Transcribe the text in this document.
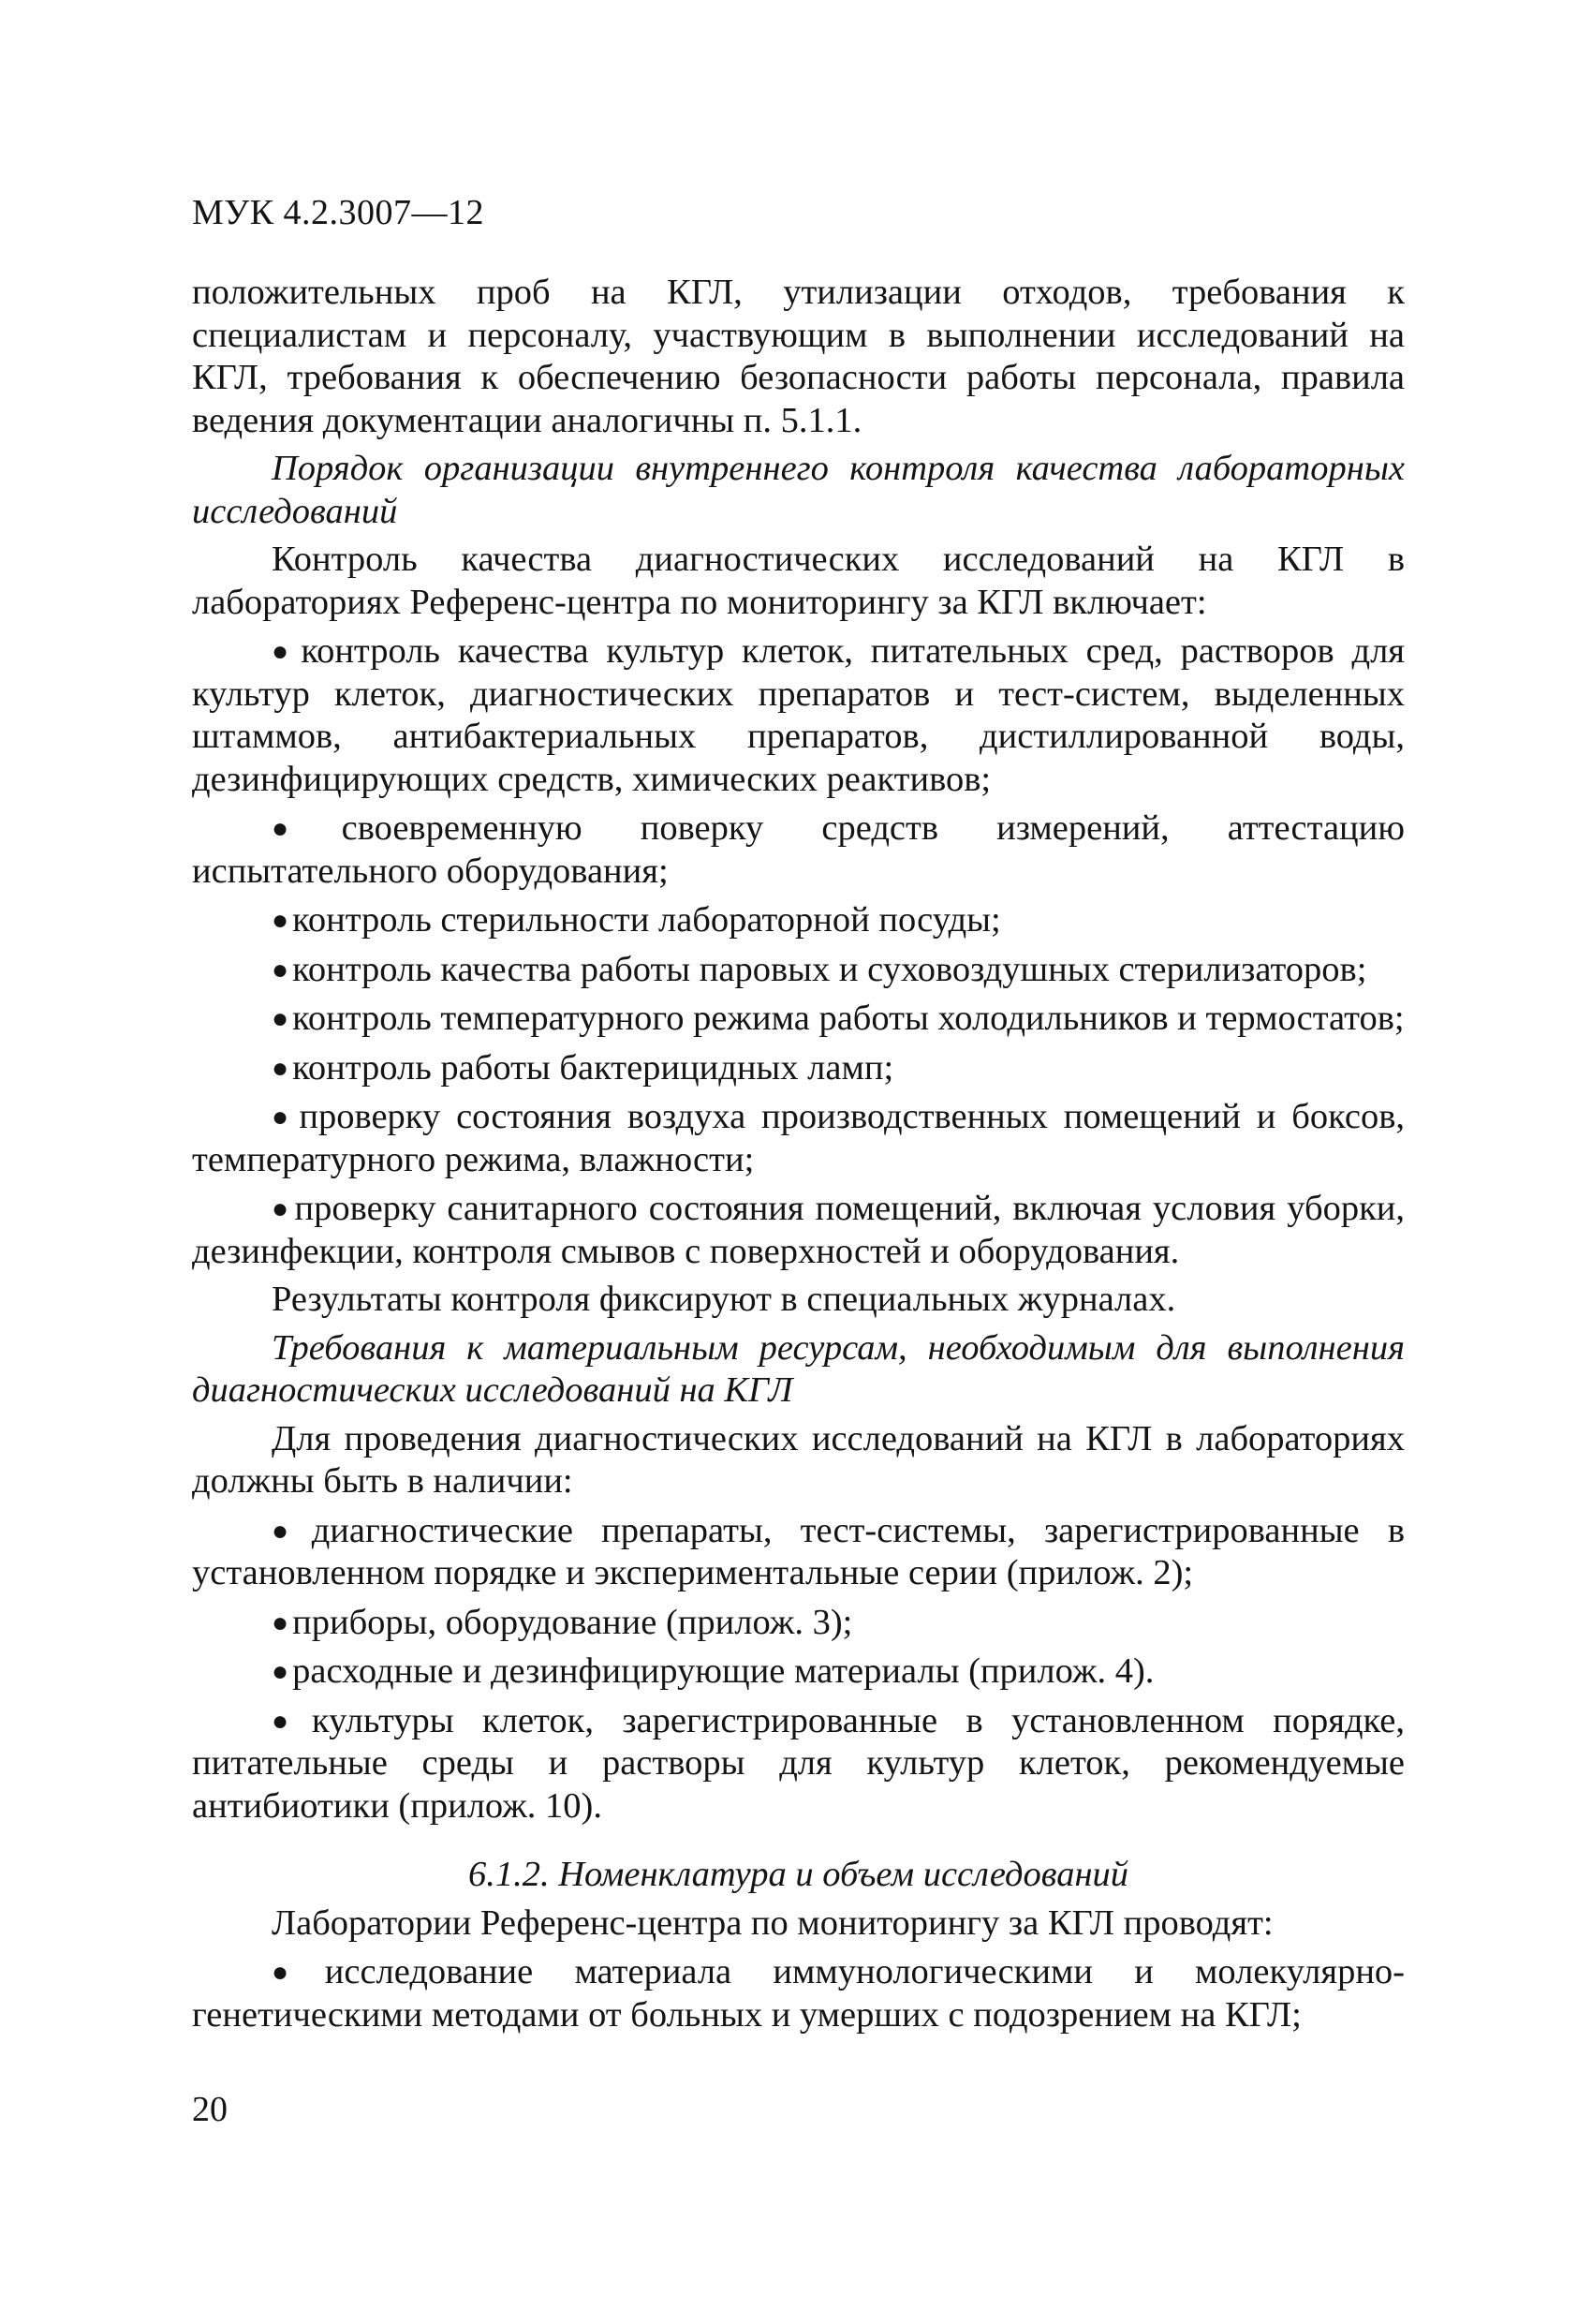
МУК 4.2.3007—12

положительных проб на КГЛ, утилизации отходов, требования к специалистам и персоналу, участвующим в выполнении исследований на КГЛ, требования к обеспечению безопасности работы персонала, правила ведения документации аналогичны п. 5.1.1.

Порядок организации внутреннего контроля качества лабораторных исследований

Контроль качества диагностических исследований на КГЛ в лабораториях Референс-центра по мониторингу за КГЛ включает:

● контроль качества культур клеток, питательных сред, растворов для культур клеток, диагностических препаратов и тест-систем, выделенных штаммов, антибактериальных препаратов, дистиллированной воды, дезинфицирующих средств, химических реактивов;

● своевременную поверку средств измерений, аттестацию испытательного оборудования;

● контроль стерильности лабораторной посуды;

● контроль качества работы паровых и суховоздушных стерилизаторов;

● контроль температурного режима работы холодильников и термостатов;

● контроль работы бактерицидных ламп;

● проверку состояния воздуха производственных помещений и боксов, температурного режима, влажности;

● проверку санитарного состояния помещений, включая условия уборки, дезинфекции, контроля смывов с поверхностей и оборудования.

Результаты контроля фиксируют в специальных журналах.

Требования к материальным ресурсам, необходимым для выполнения диагностических исследований на КГЛ

Для проведения диагностических исследований на КГЛ в лабораториях должны быть в наличии:

● диагностические препараты, тест-системы, зарегистрированные в установленном порядке и экспериментальные серии (прилож. 2);

● приборы, оборудование (прилож. 3);

● расходные и дезинфицирующие материалы (прилож. 4).

● культуры клеток, зарегистрированные в установленном порядке, питательные среды и растворы для культур клеток, рекомендуемые антибиотики (прилож. 10).

6.1.2. Номенклатура и объем исследований

Лаборатории Референс-центра по мониторингу за КГЛ проводят:

● исследование материала иммунологическими и молекулярно-генетическими методами от больных и умерших с подозрением на КГЛ;

20
